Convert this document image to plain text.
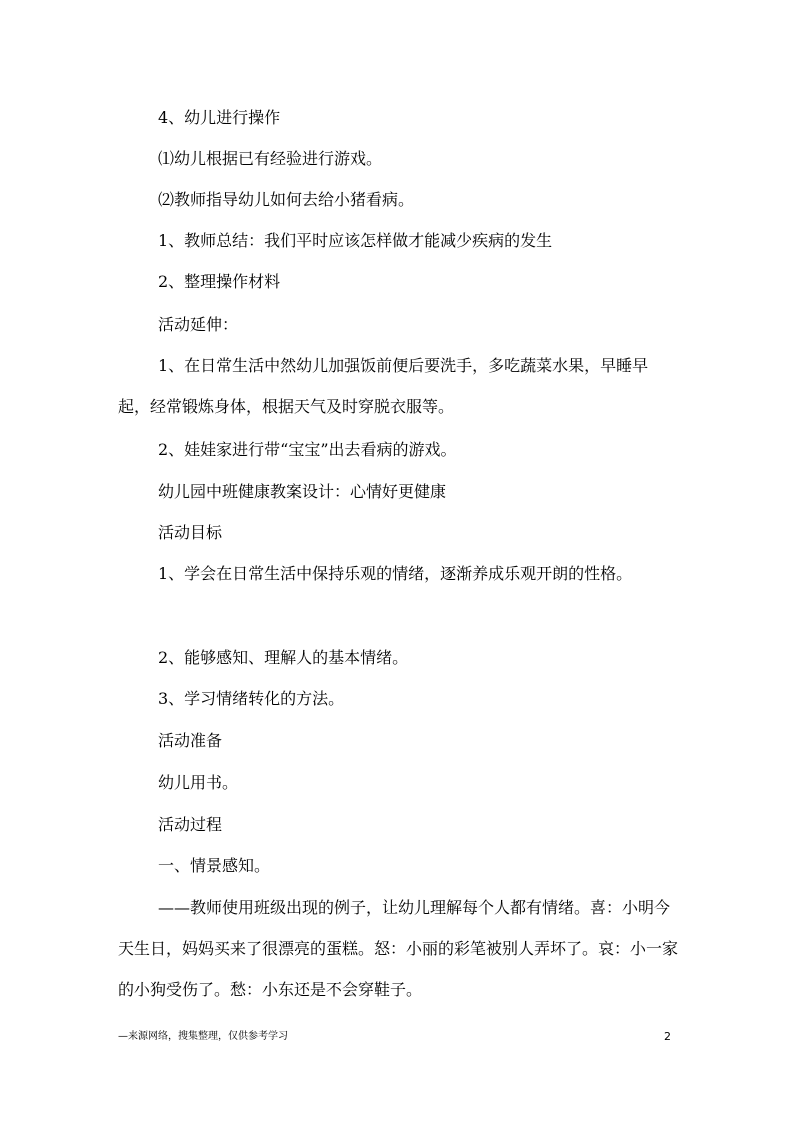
4、幼儿进行操作

⑴幼儿根据已有经验进行游戏。

⑵教师指导幼儿如何去给小猪看病。

1、教师总结：我们平时应该怎样做才能减少疾病的发生

2、整理操作材料

活动延伸：

1、在日常生活中然幼儿加强饭前便后要洗手，多吃蔬菜水果，早睡早起，经常锻炼身体，根据天气及时穿脱衣服等。

2、娃娃家进行带“宝宝”出去看病的游戏。

幼儿园中班健康教案设计：心情好更健康

活动目标

1、学会在日常生活中保持乐观的情绪，逐渐养成乐观开朗的性格。

2、能够感知、理解人的基本情绪。

3、学习情绪转化的方法。

活动准备

幼儿用书。

活动过程

一、情景感知。

——教师使用班级出现的例子，让幼儿理解每个人都有情绪。喜：小明今天生日，妈妈买来了很漂亮的蛋糕。怒：小丽的彩笔被别人弄坏了。哀：小一家的小狗受伤了。愁：小东还是不会穿鞋子。

—来源网络，搜集整理，仅供参考学习	2
